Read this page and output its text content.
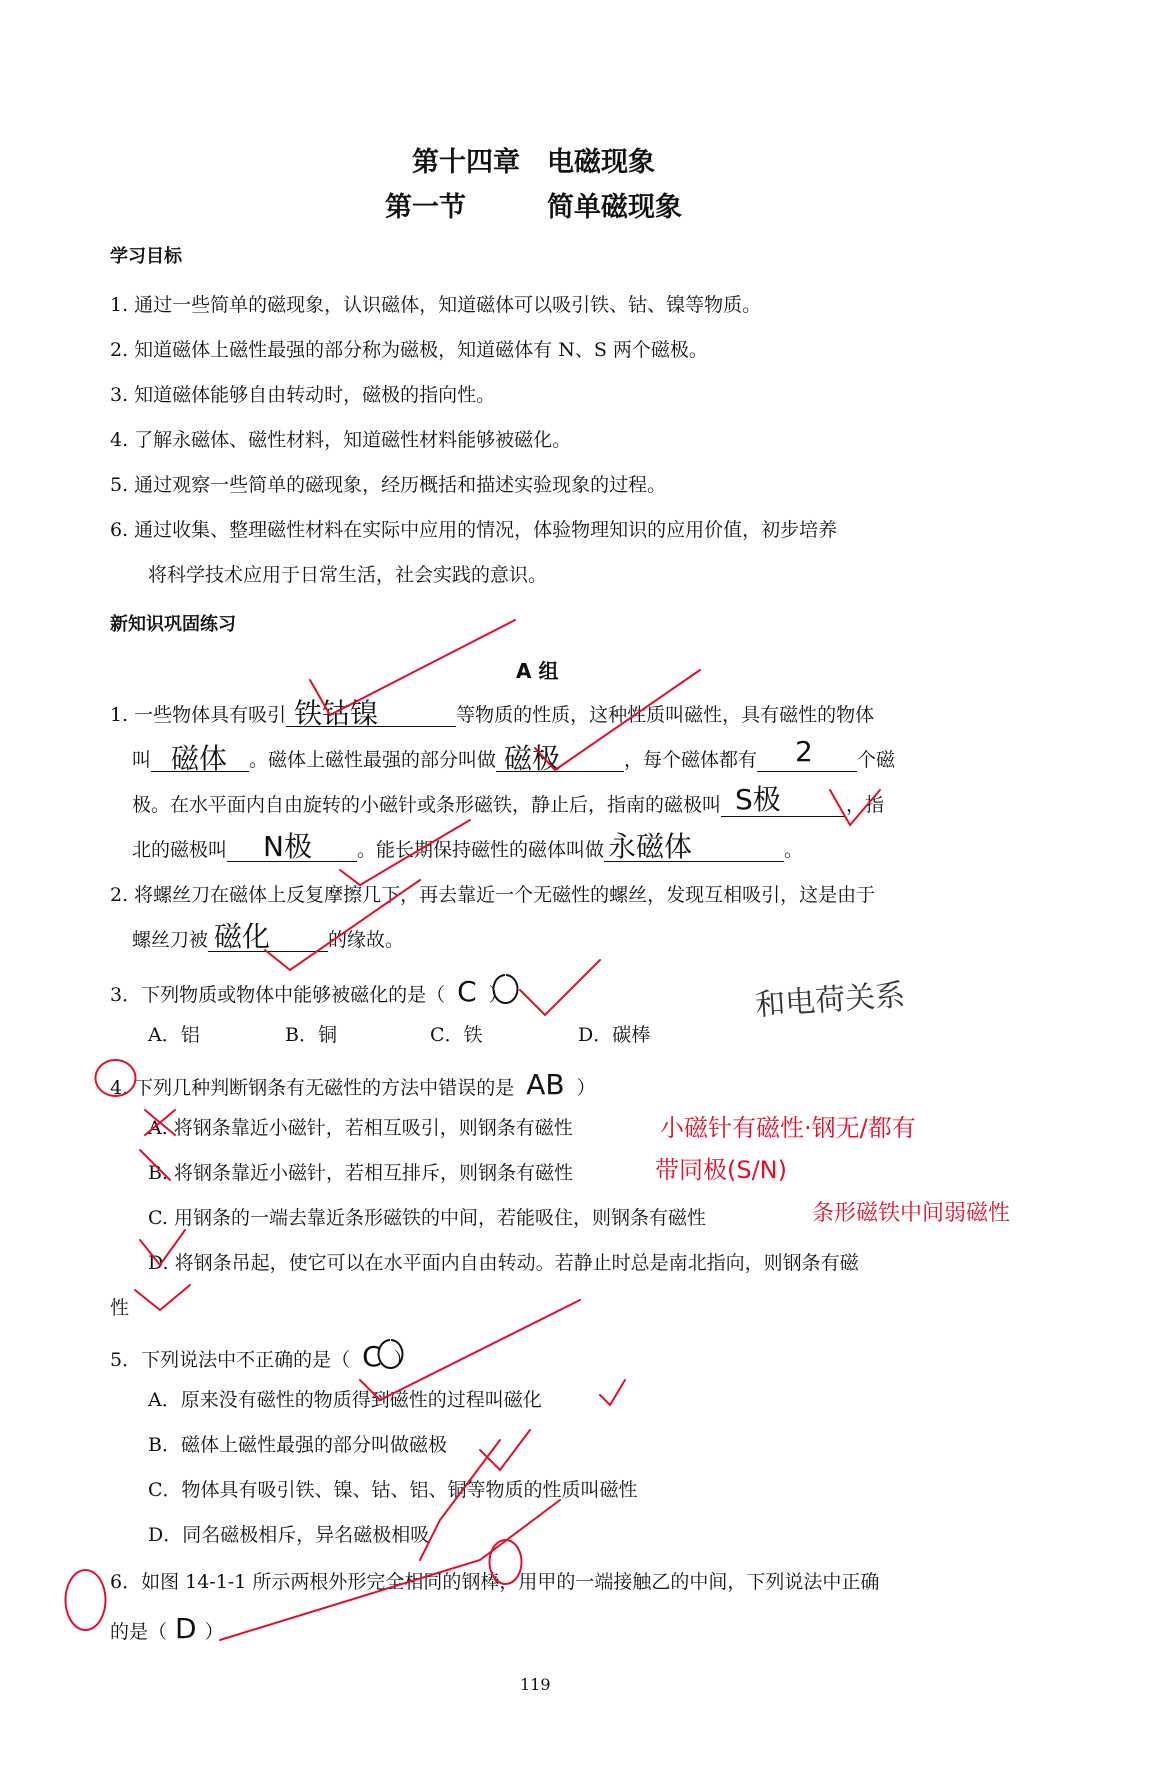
第十四章　电磁现象
第一节　　　简单磁现象
学习目标
1. 通过一些简单的磁现象，认识磁体，知道磁体可以吸引铁、钴、镍等物质。
2. 知道磁体上磁性最强的部分称为磁极，知道磁体有 N、S 两个磁极。
3. 知道磁体能够自由转动时，磁极的指向性。
4. 了解永磁体、磁性材料，知道磁性材料能够被磁化。
5. 通过观察一些简单的磁现象，经历概括和描述实验现象的过程。
6. 通过收集、整理磁性材料在实际中应用的情况，体验物理知识的应用价值，初步培养
将科学技术应用于日常生活，社会实践的意识。
新知识巩固练习
A 组
1. 一些物体具有吸引 铁钴镍	等物质的性质，这种性质叫磁性，具有磁性的物体
叫 磁体 。磁体上磁性最强的部分叫做 磁极	，每个磁体都有 2 个磁
极。在水平面内自由旋转的小磁针或条形磁铁，静止后，指南的磁极叫 S极	，指
北的磁极叫 N极 。能长期保持磁性的磁体叫做 永磁体	。
2. 将螺丝刀在磁体上反复摩擦几下，再去靠近一个无磁性的螺丝，发现互相吸引，这是由于
螺丝刀被 磁化	的缘故。
3．下列物质或物体中能够被磁化的是（ C ）
A．铝	B．铜	C．铁	D．碳棒
和电荷关系
4. 下列几种判断钢条有无磁性的方法中错误的是 AB ）
A. 将钢条靠近小磁针，若相互吸引，则钢条有磁性	小磁针有磁性·钢无/都有
B. 将钢条靠近小磁针，若相互排斥，则钢条有磁性	带同极(S/N)
C. 用钢条的一端去靠近条形磁铁的中间，若能吸住，则钢条有磁性	条形磁铁中间弱磁性
D. 将钢条吊起，使它可以在水平面内自由转动。若静止时总是南北指向，则钢条有磁
性
5．下列说法中不正确的是（ C ）
A．原来没有磁性的物质得到磁性的过程叫磁化
B．磁体上磁性最强的部分叫做磁极
C．物体具有吸引铁、镍、钴、铝、铜等物质的性质叫磁性
D．同名磁极相斥，异名磁极相吸
6．如图 14-1-1 所示两根外形完全相同的钢棒，用甲的一端接触乙的中间，下列说法中正确
的是（ D ）
119
